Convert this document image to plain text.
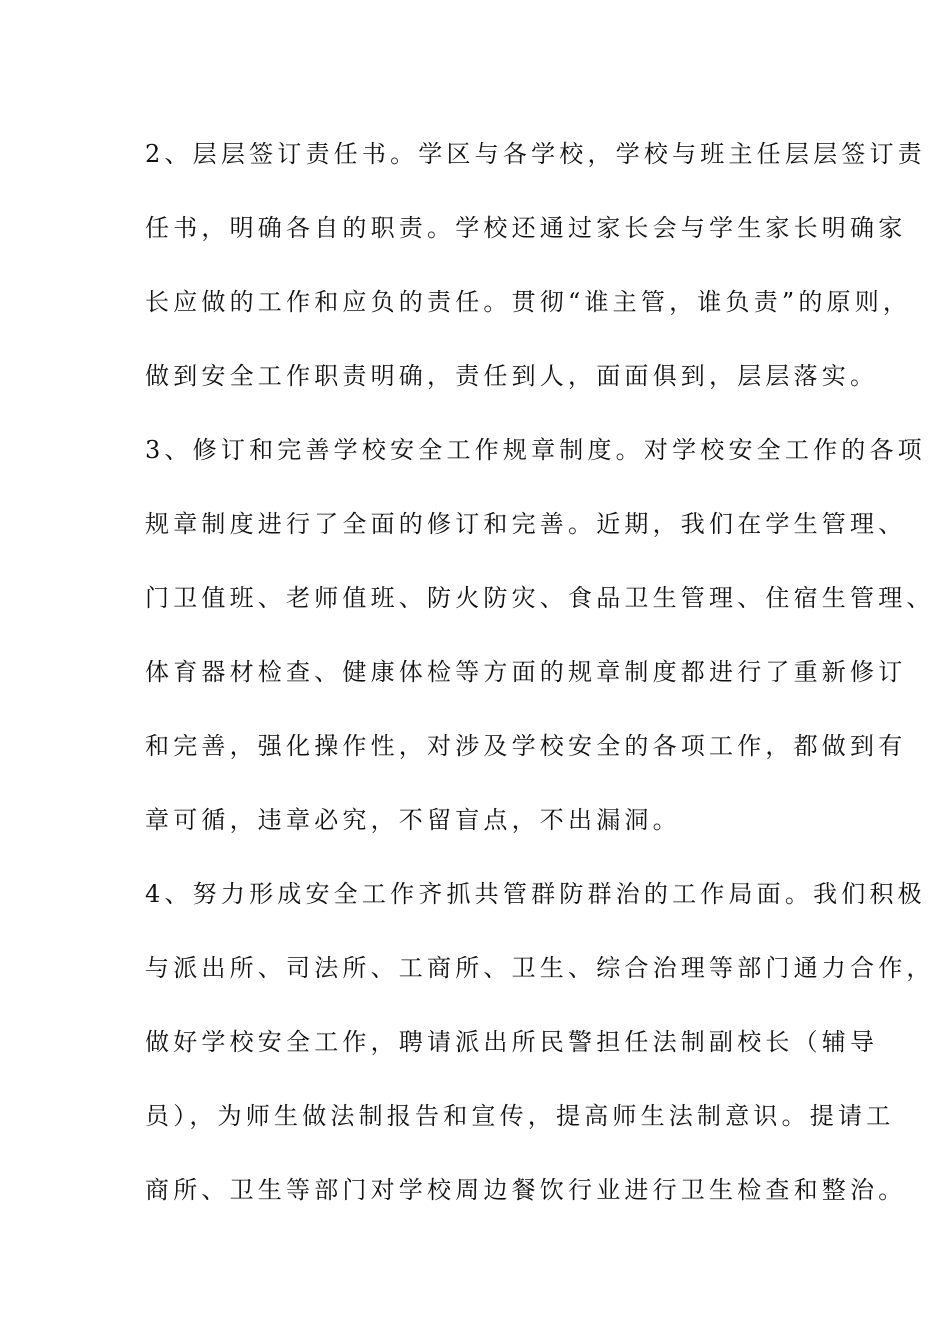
2、层层签订责任书。学区与各学校，学校与班主任层层签订责
任书，明确各自的职责。学校还通过家长会与学生家长明确家
长应做的工作和应负的责任。贯彻“谁主管，谁负责”的原则，
做到安全工作职责明确，责任到人，面面俱到，层层落实。
3、修订和完善学校安全工作规章制度。对学校安全工作的各项
规章制度进行了全面的修订和完善。近期，我们在学生管理、
门卫值班、老师值班、防火防灾、食品卫生管理、住宿生管理、
体育器材检查、健康体检等方面的规章制度都进行了重新修订
和完善，强化操作性，对涉及学校安全的各项工作，都做到有
章可循，违章必究，不留盲点，不出漏洞。
4、努力形成安全工作齐抓共管群防群治的工作局面。我们积极
与派出所、司法所、工商所、卫生、综合治理等部门通力合作，
做好学校安全工作，聘请派出所民警担任法制副校长（辅导
员），为师生做法制报告和宣传，提高师生法制意识。提请工
商所、卫生等部门对学校周边餐饮行业进行卫生检查和整治。
